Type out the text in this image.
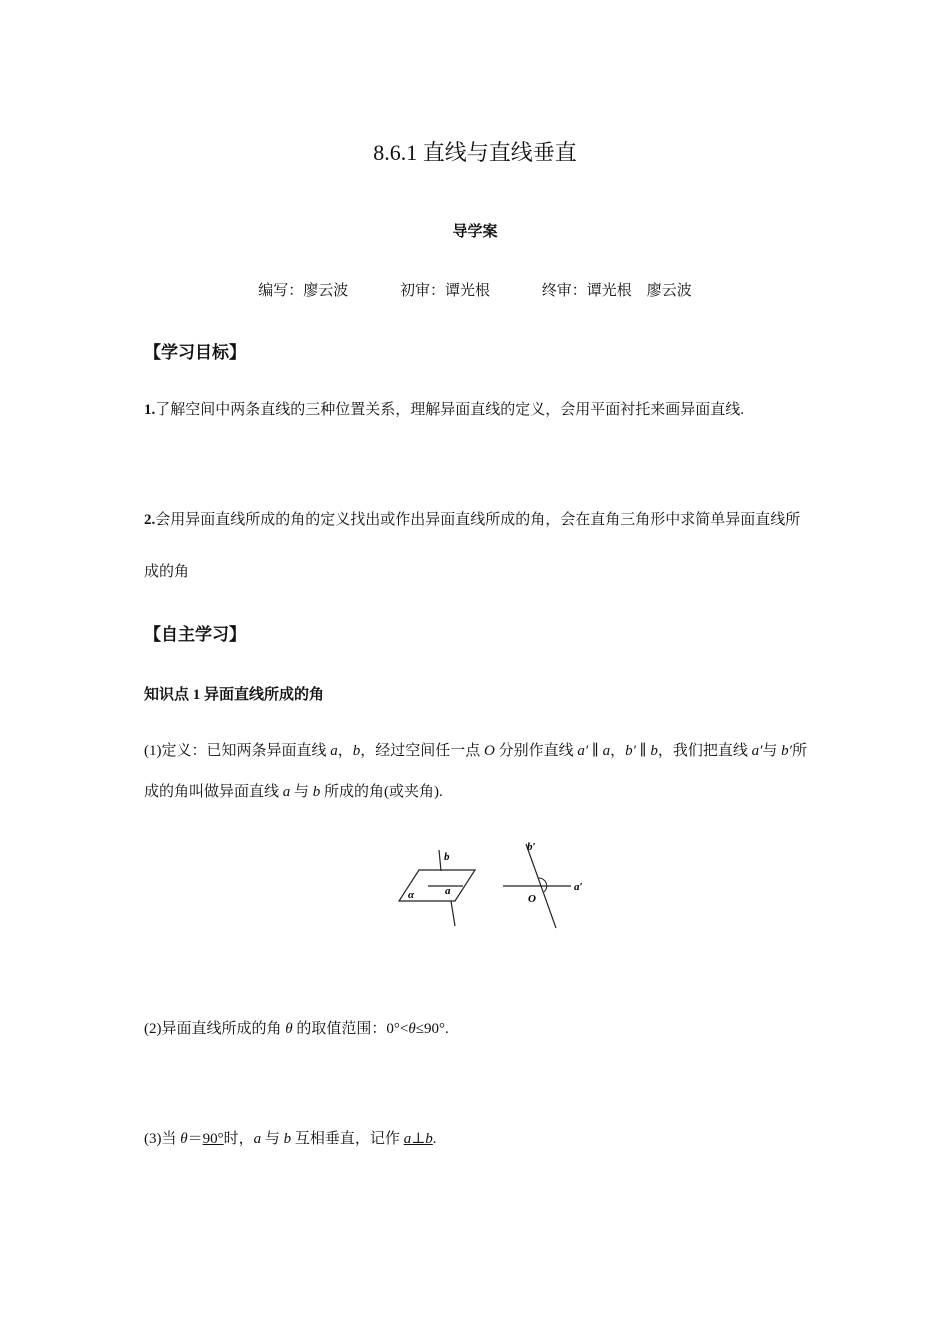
8.6.1 直线与直线垂直
导学案
编写：廖云波	初审：谭光根	终审：谭光根　廖云波
【学习目标】
1.了解空间中两条直线的三种位置关系，理解异面直线的定义，会用平面衬托来画异面直线.
2.会用异面直线所成的角的定义找出或作出异面直线所成的角，会在直角三角形中求简单异面直线所成的角
【自主学习】
知识点 1 异面直线所成的角
(1)定义：已知两条异面直线 a，b，经过空间任一点 O 分别作直线 a′ ∥ a，b′ ∥ b，我们把直线 a′与 b′所成的角叫做异面直线 a 与 b 所成的角(或夹角).
b
a
α
b′
a′
O
(2)异面直线所成的角 θ 的取值范围：0°<θ≤90°.
(3)当 θ＝90°时，a 与 b 互相垂直，记作 a⊥b.
